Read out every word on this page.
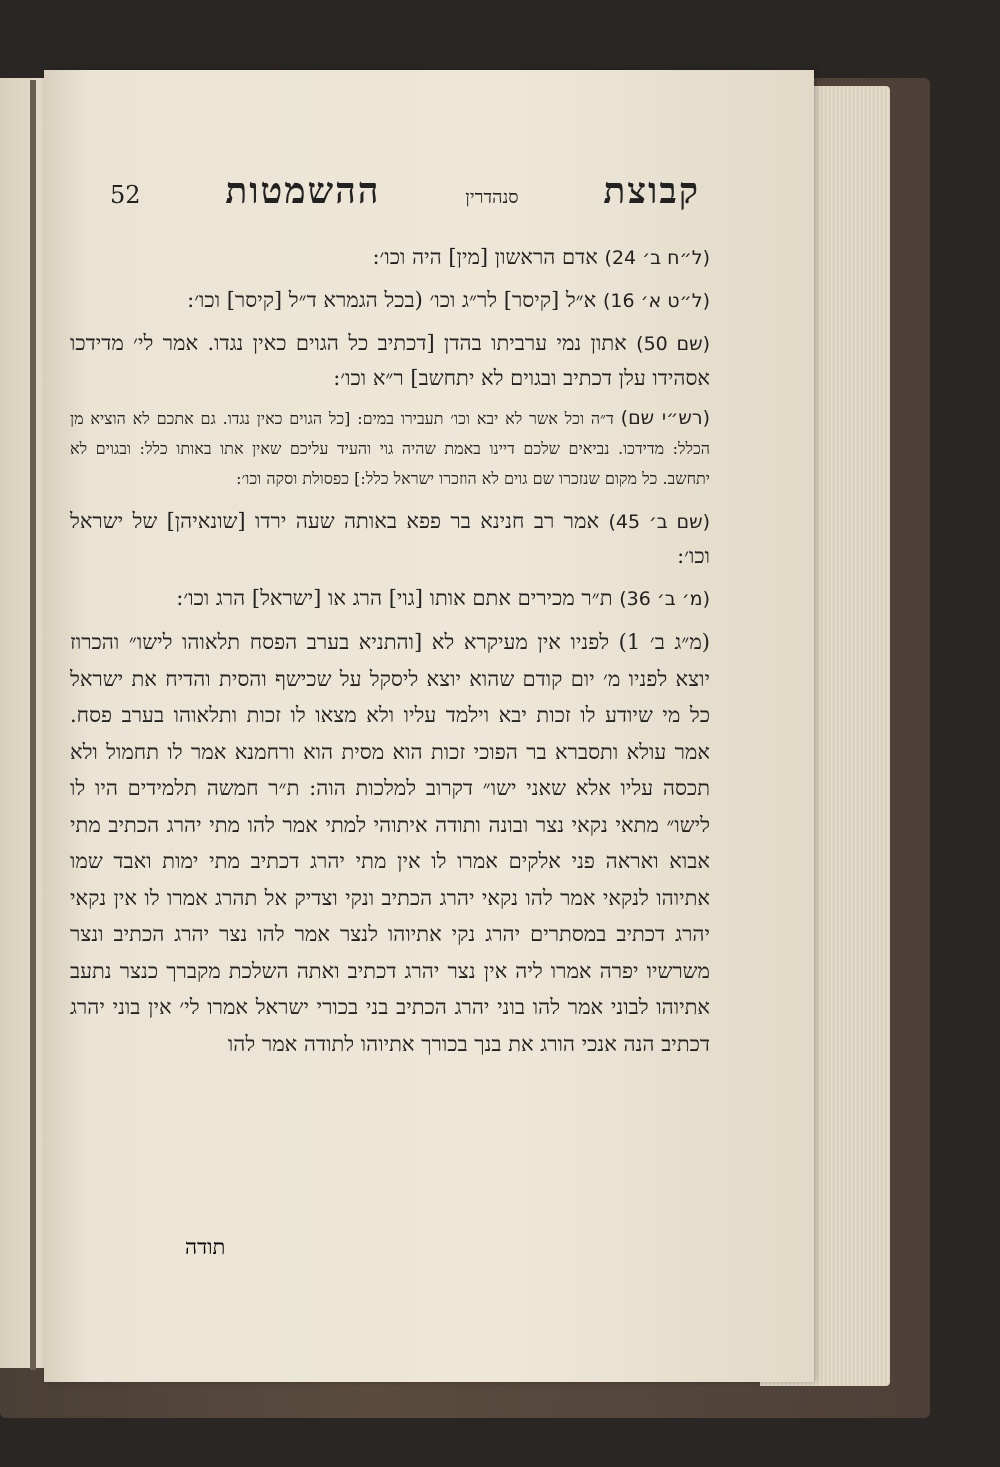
קבוצת
סנהדרין
ההשמטות
52
(ל״ח ב׳ 24) אדם הראשון [מין] היה וכו׳:
(ל״ט א׳ 16) א״ל [קיסר] לר״ג וכו׳ (בכל הגמרא ד״ל [קיסר] וכו׳:
(שם 50) אתון נמי ערביתו בהדן [דכתיב כל הגוים כאין נגדו. אמר לי׳ מדידכו אסהידו עלן דכתיב ובגוים לא יתחשב] ר״א וכו׳:
(רש״י שם) ד״ה וכל אשר לא יבא וכו׳ תעבירו במים: [כל הגוים כאין נגדו. גם אתכם לא הוציא מן הכלל: מדידכו. נביאים שלכם דיינו באמת שהיה גוי והעיד עליכם שאין אתו באותו כלל: ובגוים לא יתחשב. כל מקום שנזכרו שם גוים לא הוזכרו ישראל כלל:] כפסולת וסקה וכו׳:
(שם ב׳ 45) אמר רב חנינא בר פפא באותה שעה ירדו [שונאיהן] של ישראל וכו׳:
(מ׳ ב׳ 36) ת״ר מכירים אתם אותו [גוי] הרג או [ישראל] הרג וכו׳:
(מ״ג ב׳ 1) לפניו אין מעיקרא לא [והתניא בערב הפסח תלאוהו לישו״ והכרוז יוצא לפניו מ׳ יום קודם שהוא יוצא ליסקל על שכישף והסית והדיח את ישראל כל מי שיודע לו זכות יבא וילמד עליו ולא מצאו לו זכות ותלאוהו בערב פסח. אמר עולא ותסברא בר הפוכי זכות הוא מסית הוא ורחמנא אמר לו תחמול ולא תכסה עליו אלא שאני ישו״ דקרוב למלכות הוה: ת״ר חמשה תלמידים היו לו לישו״ מתאי נקאי נצר ובונה ותודה איתוהי למתי אמר להו מתי יהרג הכתיב מתי אבוא ואראה פני אלקים אמרו לו אין מתי יהרג דכתיב מתי ימות ואבד שמו אתיוהו לנקאי אמר להו נקאי יהרג הכתיב ונקי וצדיק אל תהרג אמרו לו אין נקאי יהרג דכתיב במסתרים יהרג נקי אתיוהו לנצר אמר להו נצר יהרג הכתיב ונצר משרשיו יפרה אמרו ליה אין נצר יהרג דכתיב ואתה השלכת מקברך כנצר נתעב אתיוהו לבוני אמר להו בוני יהרג הכתיב בני בכורי ישראל אמרו לי׳ אין בוני יהרג דכתיב הנה אנכי הורג את בנך בכורך אתיוהו לתודה אמר להו
תודה
